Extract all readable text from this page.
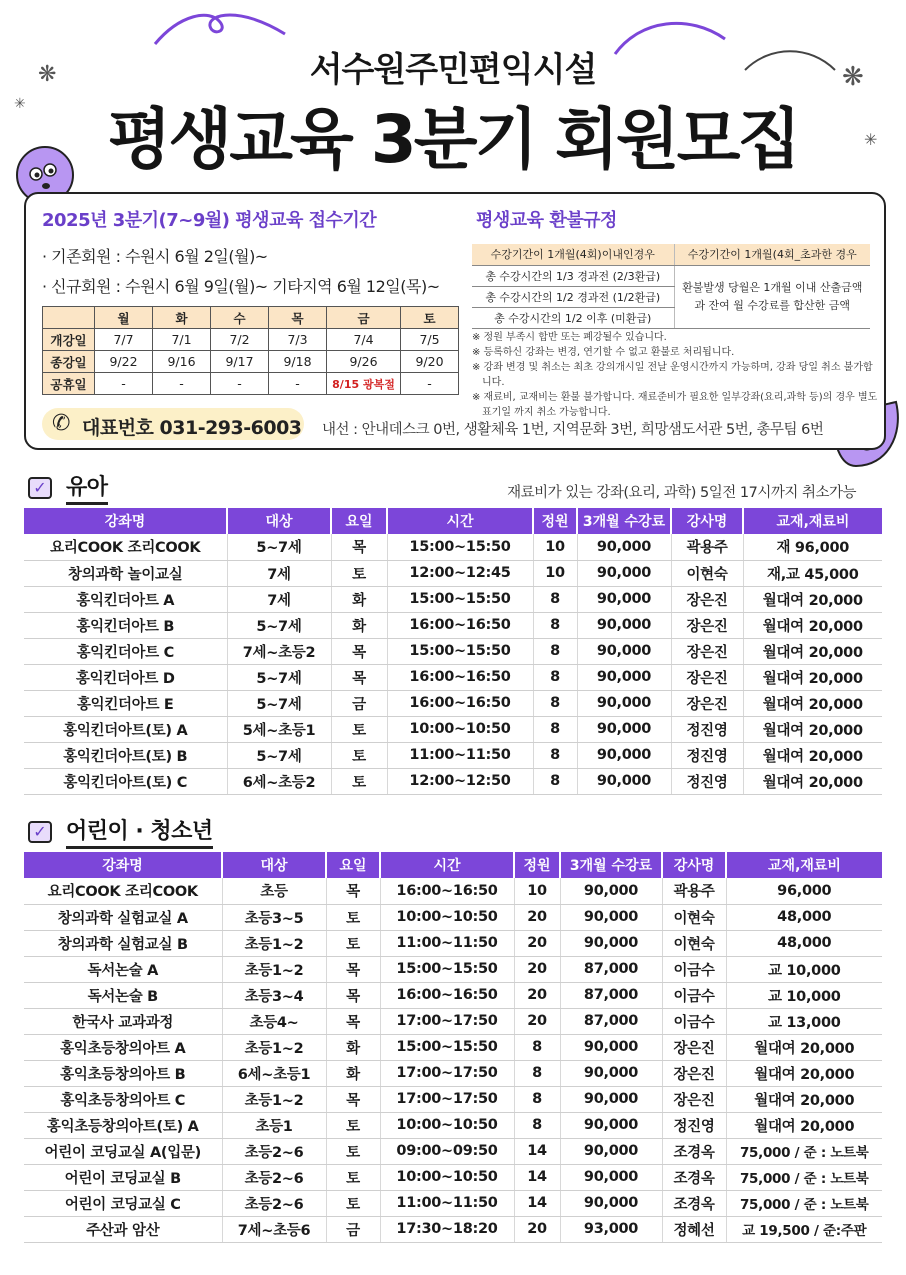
❋
✳
❋
✳
서수원주민편익시설
평생교육 3분기 회원모집
2025년 3분기(7~9월) 평생교육 접수기간
· 기존회원 : 수원시 6월 2일(월)~
· 신규회원 : 수원시 6월 9일(월)~ 기타지역 6월 12일(목)~
	월	화	수	목	금	토
개강일	7/7	7/1	7/2	7/3	7/4	7/5
종강일	9/22	9/16	9/17	9/18	9/26	9/20
공휴일	-	-	-	-	8/15 광복절	-
평생교육 환불규정
수강기간이 1개월(4회)이내인경우	수강기간이 1개월(4회_초과한 경우
총 수강시간의 1/3 경과전 (2/3환급)	환불발생 당월은 1개월 이내 산출금액과 잔여 월 수강료를 합산한 금액
총 수강시간의 1/2 경과전 (1/2환급)	
총 수강시간의 1/2 이후 (미환급)	
※ 정원 부족시 합반 또는 폐강될수 있습니다.
※ 등록하신 강좌는 변경, 연기할 수 없고 환불로 처리됩니다.
※ 강좌 변경 및 취소는 최초 강의개시일 전날 운영시간까지 가능하며, 강좌 당일 취소 불가합니다.
※ 재료비, 교재비는 환불 불가합니다. 재료준비가 필요한 일부강좌(요리,과학 등)의 경우 별도표기일 까지 취소 가능합니다.
✆ 대표번호 031-293-6003 내선 : 안내데스크 0번, 생활체육 1번, 지역문화 3번, 희망샘도서관 5번, 총무팀 6번
✓ 유아	재료비가 있는 강좌(요리, 과학) 5일전 17시까지 취소가능
강좌명	대상	요일	시간	정원	3개월 수강료	강사명	교재,재료비
요리COOK 조리COOK	5~7세	목	15:00~15:50	10	90,000	곽용주	재 96,000
창의과학 놀이교실	7세	토	12:00~12:45	10	90,000	이현숙	재,교 45,000
홍익킨더아트 A	7세	화	15:00~15:50	8	90,000	장은진	월대여 20,000
홍익킨더아트 B	5~7세	화	16:00~16:50	8	90,000	장은진	월대여 20,000
홍익킨더아트 C	7세~초등2	목	15:00~15:50	8	90,000	장은진	월대여 20,000
홍익킨더아트 D	5~7세	목	16:00~16:50	8	90,000	장은진	월대여 20,000
홍익킨더아트 E	5~7세	금	16:00~16:50	8	90,000	장은진	월대여 20,000
홍익킨더아트(토) A	5세~초등1	토	10:00~10:50	8	90,000	정진영	월대여 20,000
홍익킨더아트(토) B	5~7세	토	11:00~11:50	8	90,000	정진영	월대여 20,000
홍익킨더아트(토) C	6세~초등2	토	12:00~12:50	8	90,000	정진영	월대여 20,000
✓ 어린이 · 청소년
강좌명	대상	요일	시간	정원	3개월 수강료	강사명	교재,재료비
요리COOK 조리COOK	초등	목	16:00~16:50	10	90,000	곽용주	96,000
창의과학 실험교실 A	초등3~5	토	10:00~10:50	20	90,000	이현숙	48,000
창의과학 실험교실 B	초등1~2	토	11:00~11:50	20	90,000	이현숙	48,000
독서논술 A	초등1~2	목	15:00~15:50	20	87,000	이금수	교 10,000
독서논술 B	초등3~4	목	16:00~16:50	20	87,000	이금수	교 10,000
한국사 교과과정	초등4~	목	17:00~17:50	20	87,000	이금수	교 13,000
홍익초등창의아트 A	초등1~2	화	15:00~15:50	8	90,000	장은진	월대여 20,000
홍익초등창의아트 B	6세~초등1	화	17:00~17:50	8	90,000	장은진	월대여 20,000
홍익초등창의아트 C	초등1~2	목	17:00~17:50	8	90,000	장은진	월대여 20,000
홍익초등창의아트(토) A	초등1	토	10:00~10:50	8	90,000	정진영	월대여 20,000
어린이 코딩교실 A(입문)	초등2~6	토	09:00~09:50	14	90,000	조경옥	75,000 / 준 : 노트북
어린이 코딩교실 B	초등2~6	토	10:00~10:50	14	90,000	조경옥	75,000 / 준 : 노트북
어린이 코딩교실 C	초등2~6	토	11:00~11:50	14	90,000	조경옥	75,000 / 준 : 노트북
주산과 암산	7세~초등6	금	17:30~18:20	20	93,000	정혜선	교 19,500 / 준:주판
